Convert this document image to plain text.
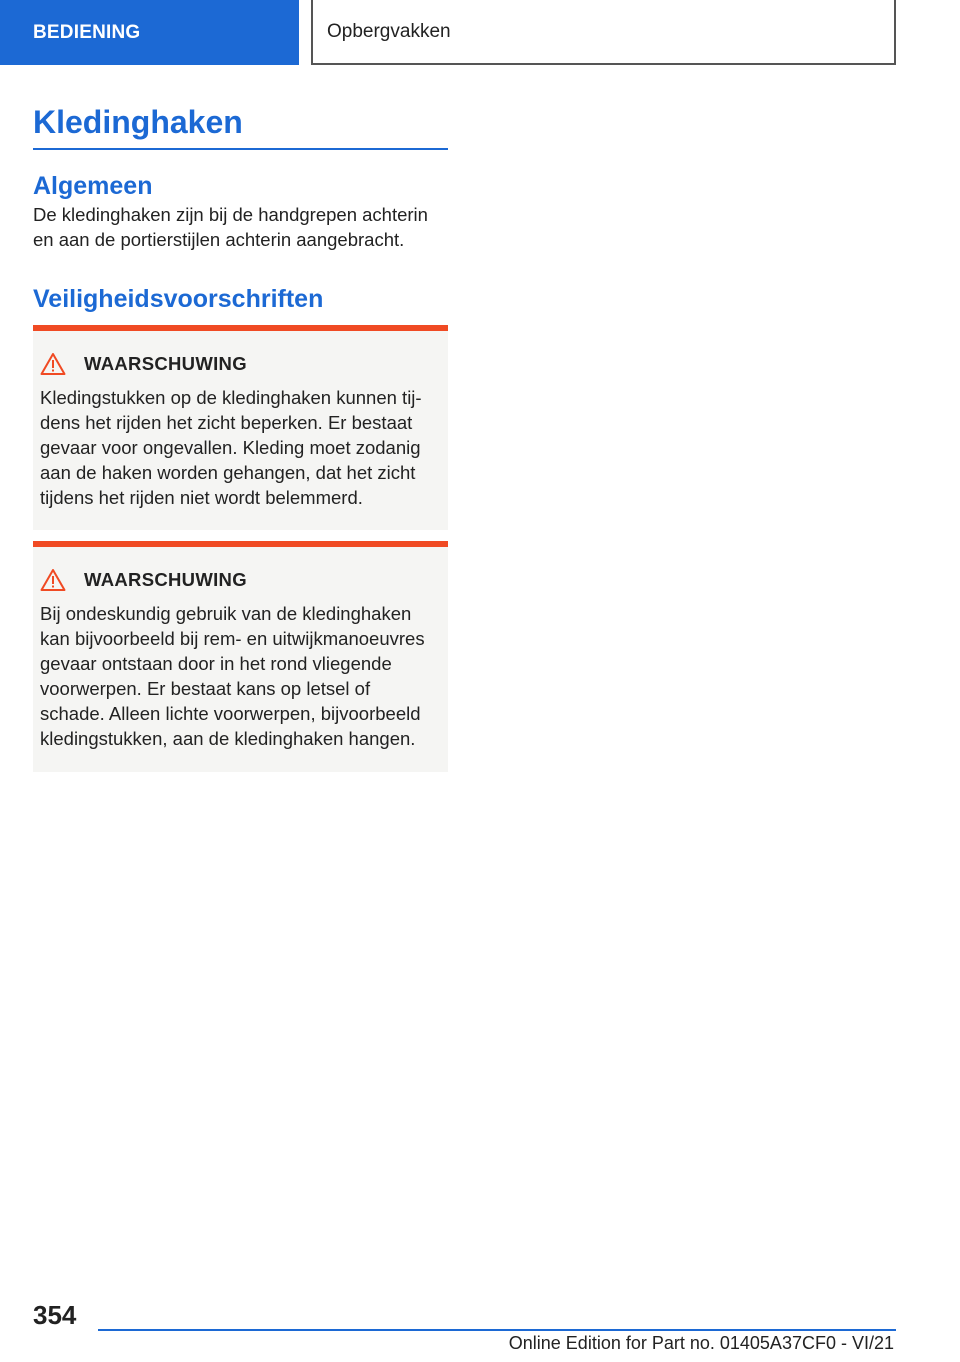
BEDIENING	Opbergvakken
Kledinghaken
Algemeen
De kledinghaken zijn bij de handgrepen achterin
en aan de portierstijlen achterin aangebracht.
Veiligheidsvoorschriften
WAARSCHUWING
Kledingstukken op de kledinghaken kunnen tij-
dens het rijden het zicht beperken. Er bestaat
gevaar voor ongevallen. Kleding moet zodanig
aan de haken worden gehangen, dat het zicht
tijdens het rijden niet wordt belemmerd.
WAARSCHUWING
Bij ondeskundig gebruik van de kledinghaken
kan bijvoorbeeld bij rem- en uitwijkmanoeuvres
gevaar ontstaan door in het rond vliegende
voorwerpen. Er bestaat kans op letsel of
schade. Alleen lichte voorwerpen, bijvoorbeeld
kledingstukken, aan de kledinghaken hangen.
354
Online Edition for Part no. 01405A37CF0 - VI/21
